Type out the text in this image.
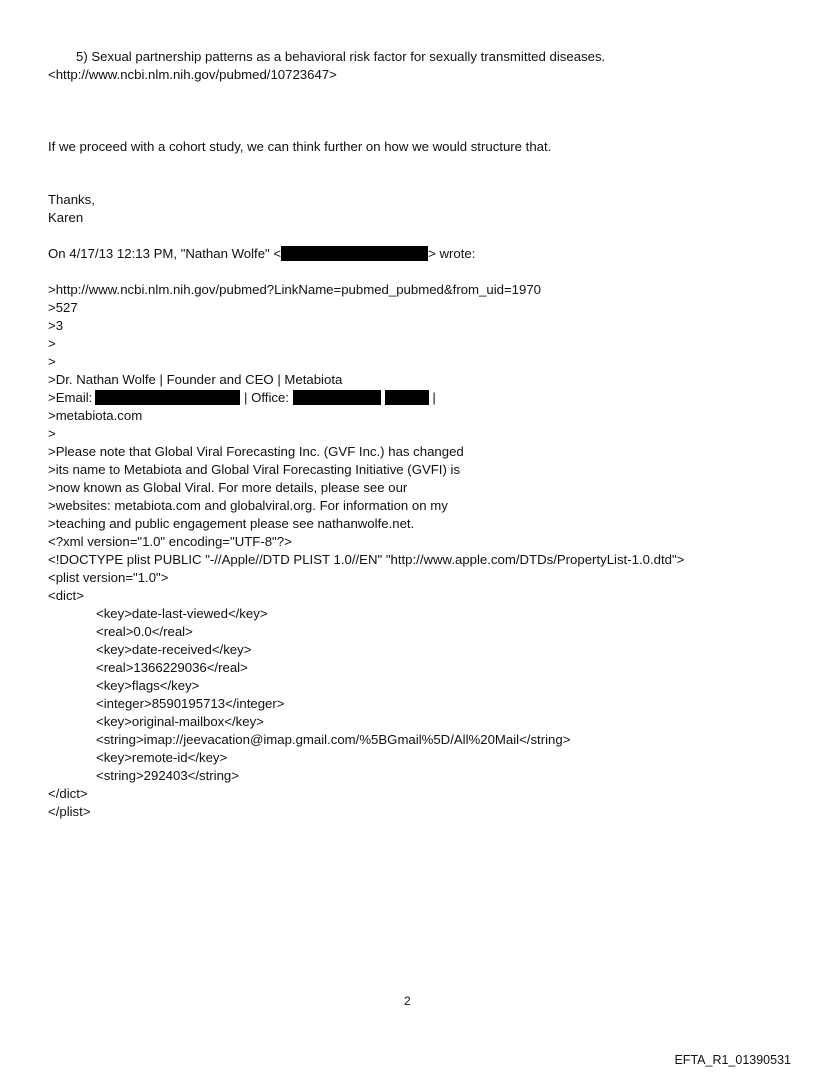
5) Sexual partnership patterns as a behavioral risk factor for sexually transmitted diseases.
<http://www.ncbi.nlm.nih.gov/pubmed/10723647>
If we proceed with a cohort study, we can think further on how we would structure that.
Thanks,
Karen
On 4/17/13 12:13 PM, "Nathan Wolfe" <	> wrote:
>http://www.ncbi.nlm.nih.gov/pubmed?LinkName=pubmed_pubmed&from_uid=1970
>527
>3
>
>
>Dr. Nathan Wolfe | Founder and CEO | Metabiota
>Email:	| Office:	|
>metabiota.com
>
>Please note that Global Viral Forecasting Inc. (GVF Inc.) has changed
>its name to Metabiota and Global Viral Forecasting Initiative (GVFI) is
>now known as Global Viral. For more details, please see our
>websites: metabiota.com and globalviral.org. For information on my
>teaching and public engagement please see nathanwolfe.net.
<?xml version="1.0" encoding="UTF-8"?>
<!DOCTYPE plist PUBLIC "-//Apple//DTD PLIST 1.0//EN" "http://www.apple.com/DTDs/PropertyList-1.0.dtd">
<plist version="1.0">
<dict>
<key>date-last-viewed</key>
<real>0.0</real>
<key>date-received</key>
<real>1366229036</real>
<key>flags</key>
<integer>8590195713</integer>
<key>original-mailbox</key>
<string>imap://jeevacation@imap.gmail.com/%5BGmail%5D/All%20Mail</string>
<key>remote-id</key>
<string>292403</string>
</dict>
</plist>
2
EFTA_R1_01390531
